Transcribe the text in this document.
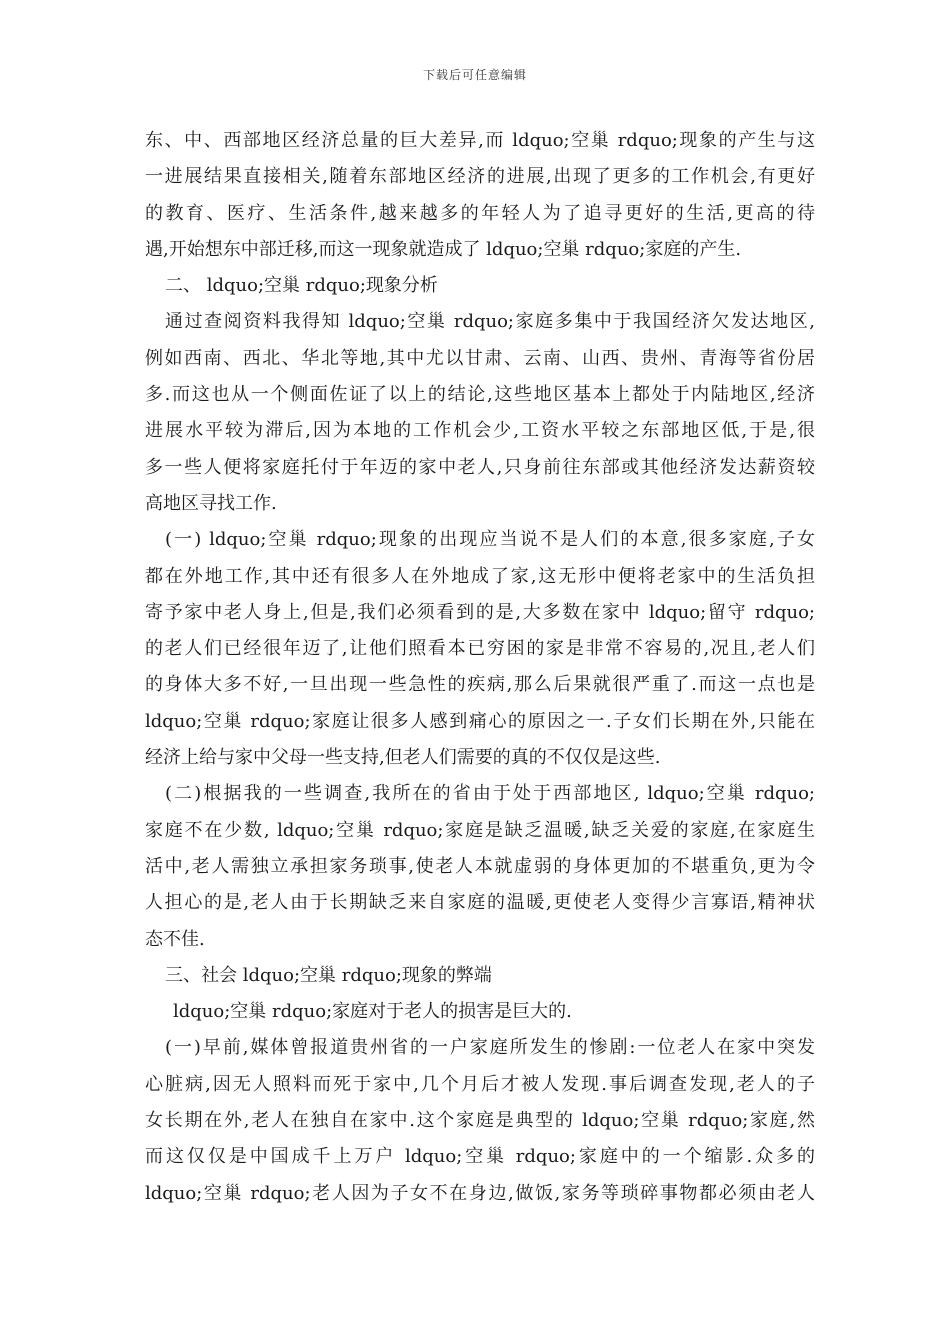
下载后可任意编辑
东、中、西部地区经济总量的巨大差异,而 ldquo;空巢 rdquo;现象的产生与这
一进展结果直接相关,随着东部地区经济的进展,出现了更多的工作机会,有更好
的教育、医疗、生活条件,越来越多的年轻人为了追寻更好的生活,更高的待
遇,开始想东中部迁移,而这一现象就造成了 ldquo;空巢 rdquo;家庭的产生.
二、 ldquo;空巢 rdquo;现象分析
通过查阅资料我得知 ldquo;空巢 rdquo;家庭多集中于我国经济欠发达地区,
例如西南、西北、华北等地,其中尤以甘肃、云南、山西、贵州、青海等省份居
多.而这也从一个侧面佐证了以上的结论,这些地区基本上都处于内陆地区,经济
进展水平较为滞后,因为本地的工作机会少,工资水平较之东部地区低,于是,很
多一些人便将家庭托付于年迈的家中老人,只身前往东部或其他经济发达薪资较
高地区寻找工作.
(一) ldquo;空巢 rdquo;现象的出现应当说不是人们的本意,很多家庭,子女
都在外地工作,其中还有很多人在外地成了家,这无形中便将老家中的生活负担
寄予家中老人身上,但是,我们必须看到的是,大多数在家中 ldquo;留守 rdquo;
的老人们已经很年迈了,让他们照看本已穷困的家是非常不容易的,况且,老人们
的身体大多不好,一旦出现一些急性的疾病,那么后果就很严重了.而这一点也是
ldquo;空巢 rdquo;家庭让很多人感到痛心的原因之一.子女们长期在外,只能在
经济上给与家中父母一些支持,但老人们需要的真的不仅仅是这些.
(二)根据我的一些调查,我所在的省由于处于西部地区, ldquo;空巢 rdquo;
家庭不在少数, ldquo;空巢 rdquo;家庭是缺乏温暖,缺乏关爱的家庭,在家庭生
活中,老人需独立承担家务琐事,使老人本就虚弱的身体更加的不堪重负,更为令
人担心的是,老人由于长期缺乏来自家庭的温暖,更使老人变得少言寡语,精神状
态不佳.
三、社会 ldquo;空巢 rdquo;现象的弊端
ldquo;空巢 rdquo;家庭对于老人的损害是巨大的.
(一)早前,媒体曾报道贵州省的一户家庭所发生的惨剧:一位老人在家中突发
心脏病,因无人照料而死于家中,几个月后才被人发现.事后调查发现,老人的子
女长期在外,老人在独自在家中.这个家庭是典型的 ldquo;空巢 rdquo;家庭,然
而这仅仅是中国成千上万户 ldquo;空巢 rdquo;家庭中的一个缩影.众多的
ldquo;空巢 rdquo;老人因为子女不在身边,做饭,家务等琐碎事物都必须由老人
